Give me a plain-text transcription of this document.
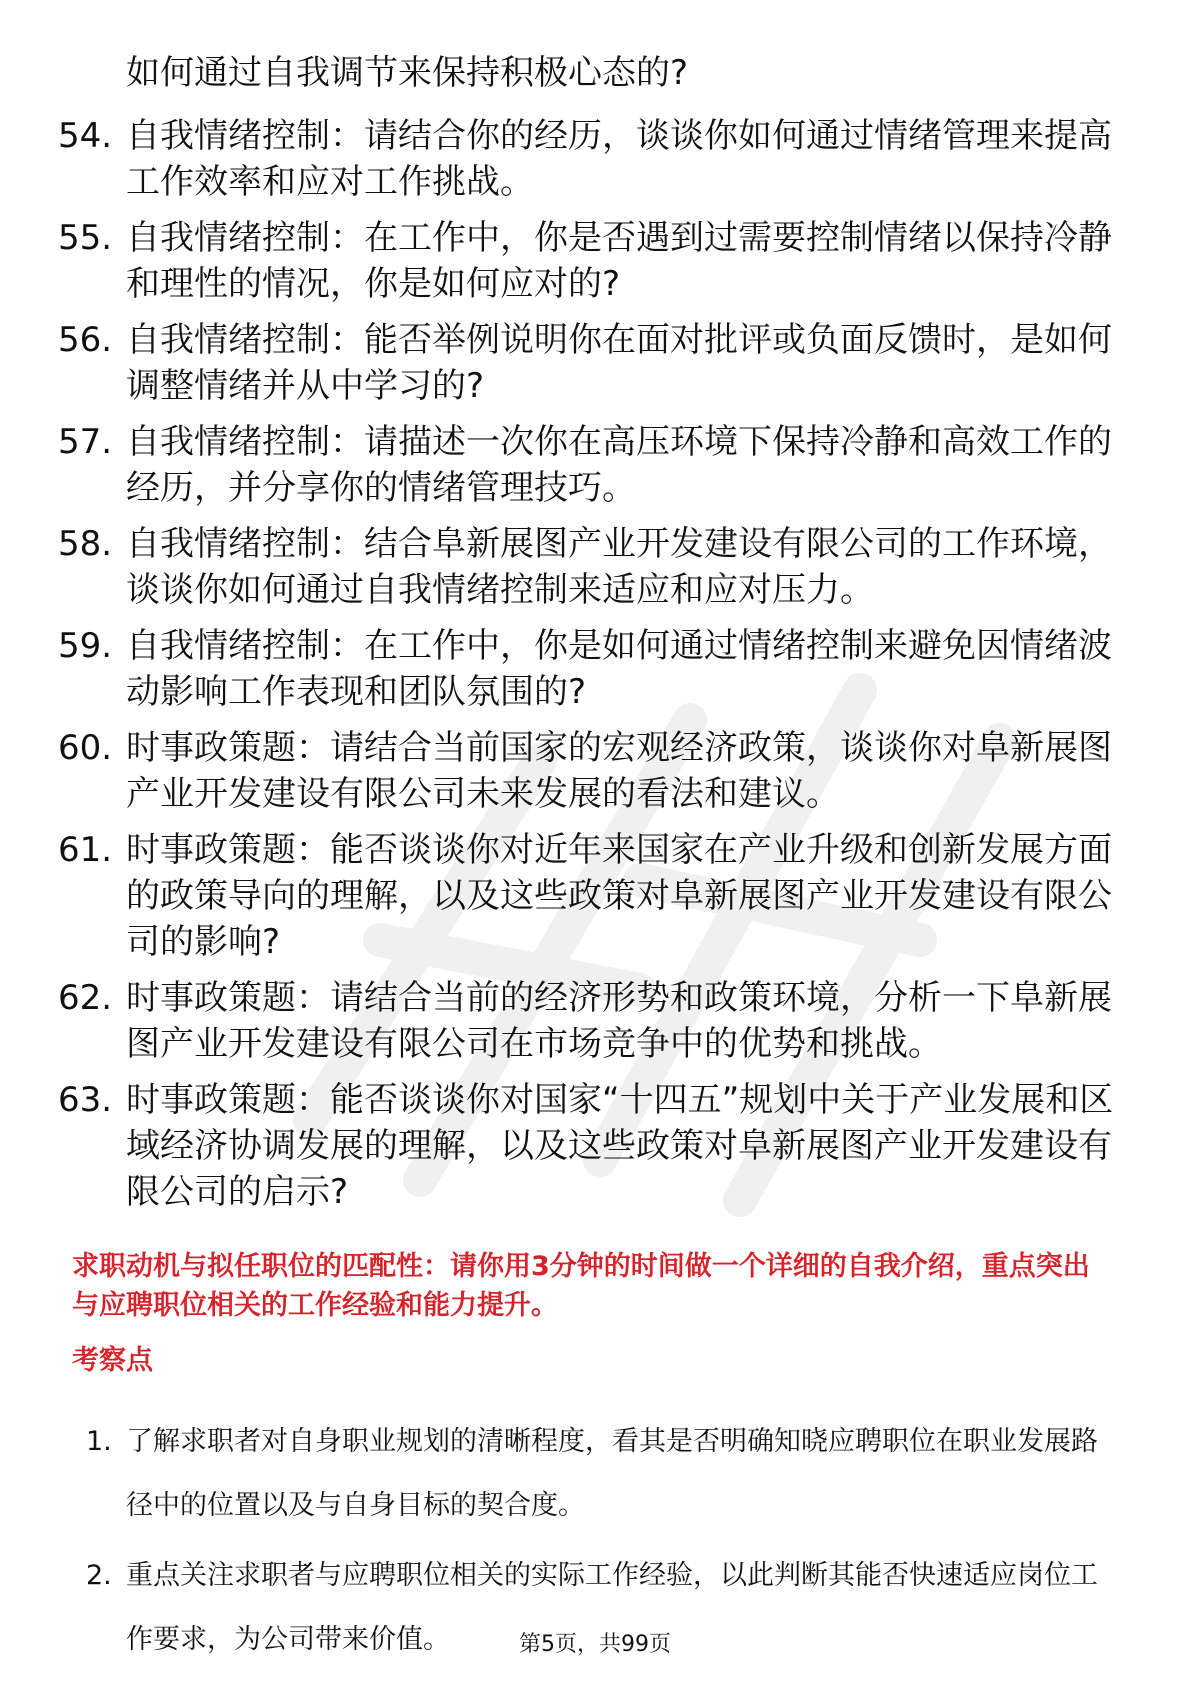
如何通过自我调节来保持积极心态的?
54. 自我情绪控制：请结合你的经历，谈谈你如何通过情绪管理来提高工作效率和应对工作挑战。
55. 自我情绪控制：在工作中，你是否遇到过需要控制情绪以保持冷静和理性的情况，你是如何应对的?
56. 自我情绪控制：能否举例说明你在面对批评或负面反馈时，是如何调整情绪并从中学习的?
57. 自我情绪控制：请描述一次你在高压环境下保持冷静和高效工作的经历，并分享你的情绪管理技巧。
58. 自我情绪控制：结合阜新展图产业开发建设有限公司的工作环境，谈谈你如何通过自我情绪控制来适应和应对压力。
59. 自我情绪控制：在工作中，你是如何通过情绪控制来避免因情绪波动影响工作表现和团队氛围的?
60. 时事政策题：请结合当前国家的宏观经济政策，谈谈你对阜新展图产业开发建设有限公司未来发展的看法和建议。
61. 时事政策题：能否谈谈你对近年来国家在产业升级和创新发展方面的政策导向的理解，以及这些政策对阜新展图产业开发建设有限公司的影响?
62. 时事政策题：请结合当前的经济形势和政策环境，分析一下阜新展图产业开发建设有限公司在市场竞争中的优势和挑战。
63. 时事政策题：能否谈谈你对国家“十四五”规划中关于产业发展和区域经济协调发展的理解，以及这些政策对阜新展图产业开发建设有限公司的启示?
求职动机与拟任职位的匹配性：请你用3分钟的时间做一个详细的自我介绍，重点突出与应聘职位相关的工作经验和能力提升。
考察点
1. 了解求职者对自身职业规划的清晰程度，看其是否明确知晓应聘职位在职业发展路径中的位置以及与自身目标的契合度。
2. 重点关注求职者与应聘职位相关的实际工作经验，以此判断其能否快速适应岗位工作要求，为公司带来价值。	第5页，共99页
